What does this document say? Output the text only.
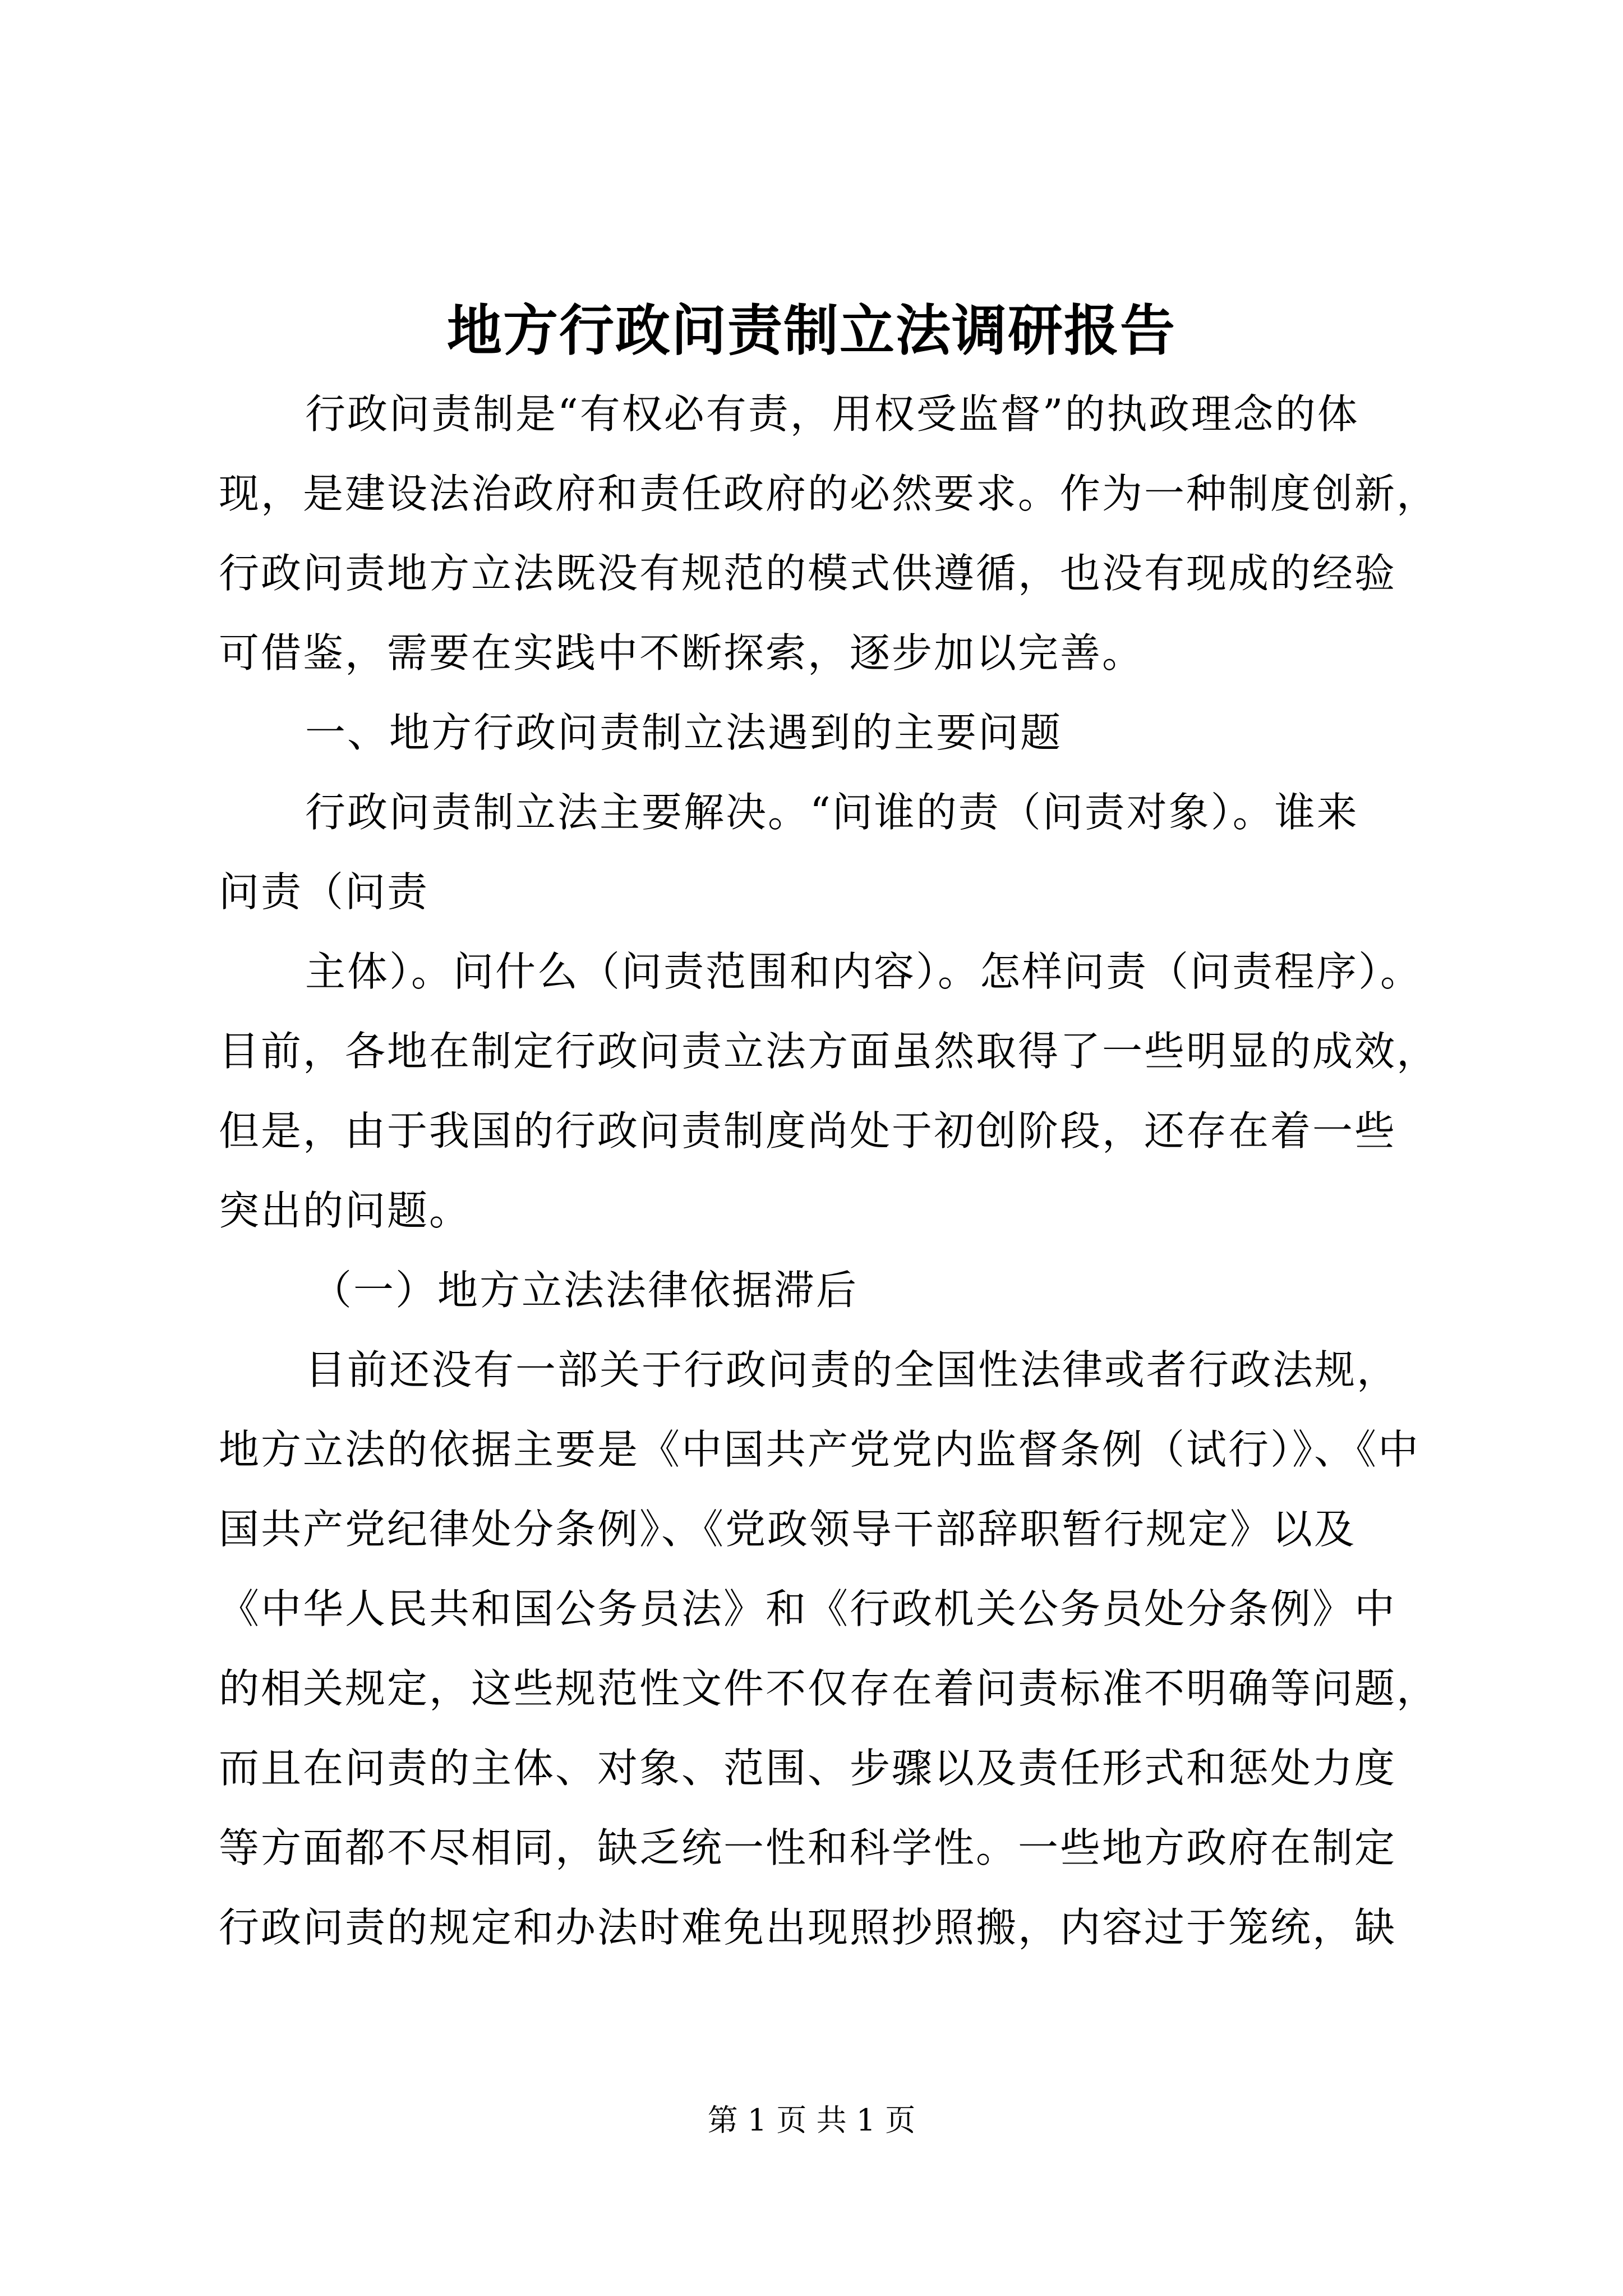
地方行政问责制立法调研报告
行政问责制是“有权必有责，用权受监督”的执政理念的体
现，是建设法治政府和责任政府的必然要求。作为一种制度创新，
行政问责地方立法既没有规范的模式供遵循，也没有现成的经验
可借鉴，需要在实践中不断探索，逐步加以完善。
一、地方行政问责制立法遇到的主要问题
行政问责制立法主要解决。“问谁的责（问责对象）。谁来
问责（问责
主体）。问什么（问责范围和内容）。怎样问责（问责程序）。
目前，各地在制定行政问责立法方面虽然取得了一些明显的成效，
但是，由于我国的行政问责制度尚处于初创阶段，还存在着一些
突出的问题。
（一）地方立法法律依据滞后
目前还没有一部关于行政问责的全国性法律或者行政法规，
地方立法的依据主要是《中国共产党党内监督条例（试行）》、《中
国共产党纪律处分条例》、《党政领导干部辞职暂行规定》以及
《中华人民共和国公务员法》和《行政机关公务员处分条例》中
的相关规定，这些规范性文件不仅存在着问责标准不明确等问题，
而且在问责的主体、对象、范围、步骤以及责任形式和惩处力度
等方面都不尽相同，缺乏统一性和科学性。一些地方政府在制定
行政问责的规定和办法时难免出现照抄照搬，内容过于笼统，缺
第 1 页 共 1 页
